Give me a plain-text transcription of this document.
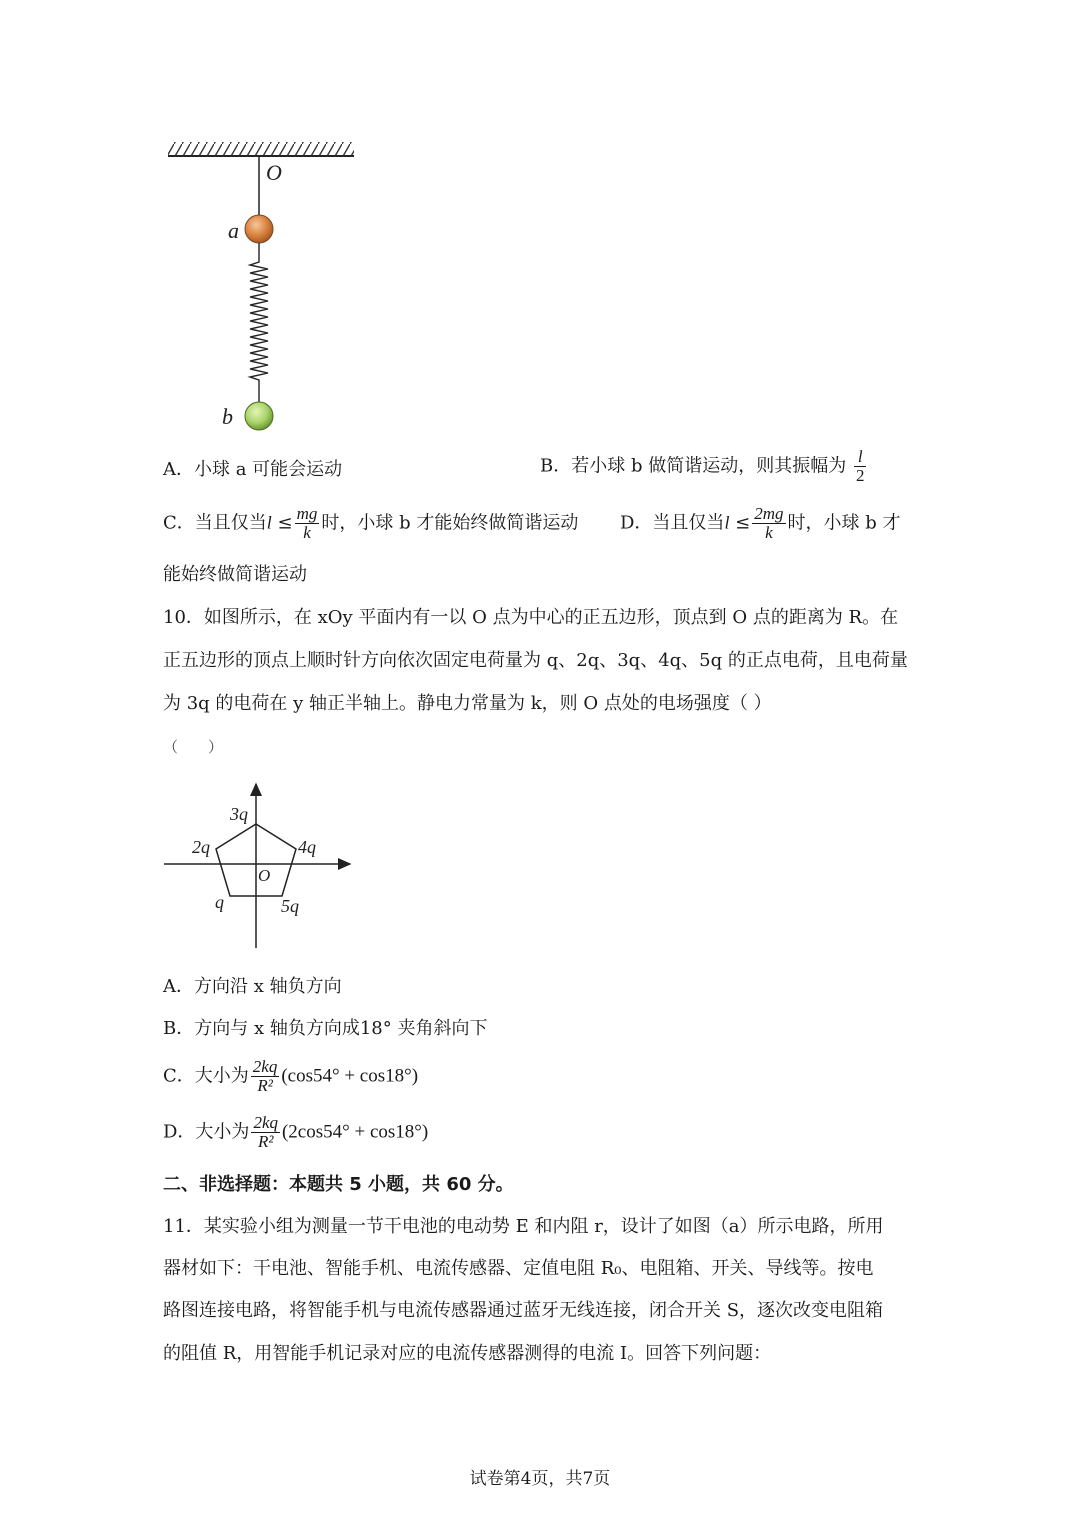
O
a
b
A．小球 a 可能会运动	B．若小球 b 做简谐运动，则其振幅为 $\frac{l}{2}$
C．当且仅当$l \le \frac{mg}{k}$ 时，小球 b 才能始终做简谐运动 D．当且仅当$l \le \frac{2mg}{k}$ 时，小球 b 才
能始终做简谐运动
10．如图所示，在 xOy 平面内有一以 O 点为中心的正五边形，顶点到 O 点的距离为 R。在
正五边形的顶点上顺时针方向依次固定电荷量为 q、2q、3q、4q、5q 的正点电荷，且电荷量
为 3q 的电荷在 y 轴正半轴上。静电力常量为 k，则 O 点处的电场强度（ ）
（　　）
3q
2q	4q
O
q	5q
A．方向沿 x 轴负方向
B．方向与 x 轴负方向成18° 夹角斜向下
C．大小为 $\frac{2kq}{\text{R²}} (\cos 54^\circ + \cos 18^\circ)$
D．大小为 $\frac{2kq}{\text{R²}} (2\cos 54^\circ + \cos 18^\circ)$
二、非选择题：本题共 5 小题，共 60 分。
11．某实验小组为测量一节干电池的电动势 E 和内阻 r，设计了如图（a）所示电路，所用
器材如下：干电池、智能手机、电流传感器、定值电阻 R₀、电阻箱、开关、导线等。按电
路图连接电路，将智能手机与电流传感器通过蓝牙无线连接，闭合开关 S，逐次改变电阻箱
的阻值 R，用智能手机记录对应的电流传感器测得的电流 I。回答下列问题：
试卷第4页，共7页
